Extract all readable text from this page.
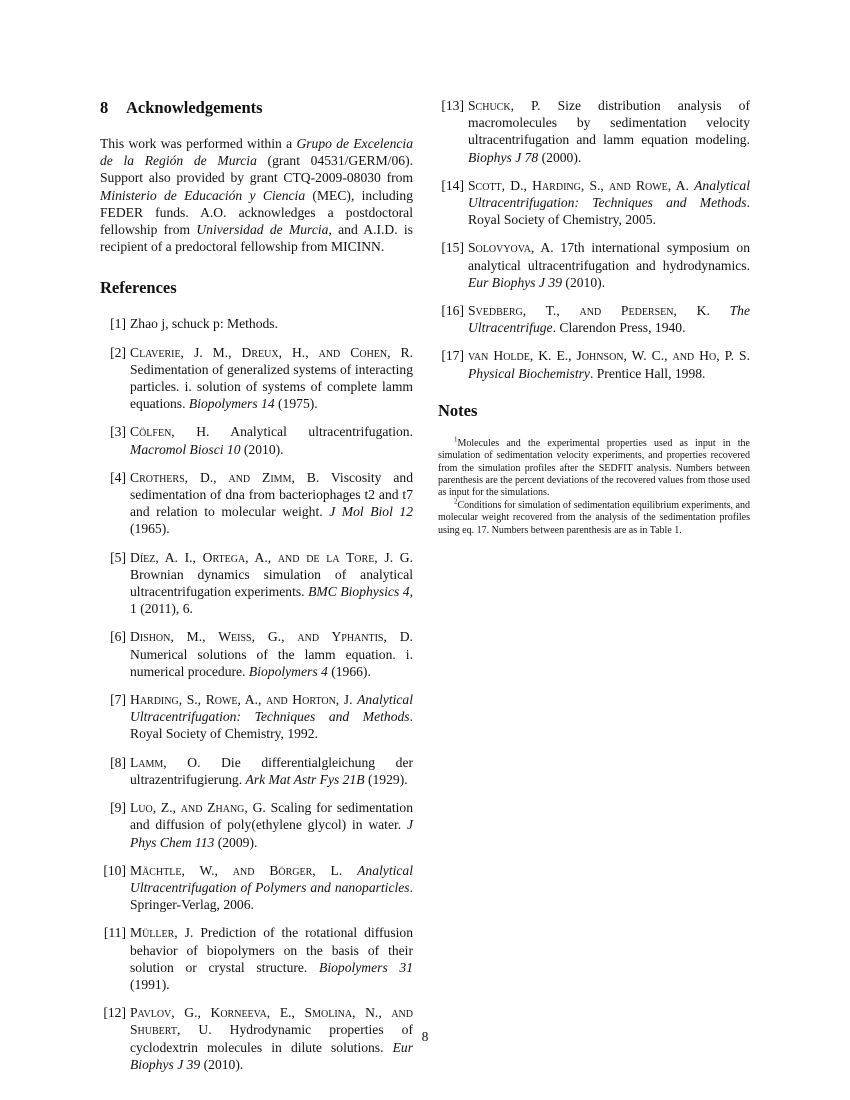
8 Acknowledgements

This work was performed within a Grupo de Excelencia de la Región de Murcia (grant 04531/GERM/06). Support also provided by grant CTQ-2009-08030 from Ministerio de Educación y Ciencia (MEC), including FEDER funds. A.O. acknowledges a postdoctoral fellowship from Universidad de Murcia, and A.I.D. is recipient of a predoctoral fellowship from MICINN.

References
[1] Zhao j, schuck p: Methods.
[2] Claverie, J. M., Dreux, H., and Cohen, R. Sedimentation of generalized systems of interacting particles. i. solution of systems of complete lamm equations. Biopolymers 14 (1975).
[3] Cölfen, H. Analytical ultracentrifugation. Macromol Biosci 10 (2010).
[4] Crothers, D., and Zimm, B. Viscosity and sedimentation of dna from bacteriophages t2 and t7 and relation to molecular weight. J Mol Biol 12 (1965).
[5] Díez, A. I., Ortega, A., and de la Tore, J. G. Brownian dynamics simulation of analytical ultracentrifugation experiments. BMC Biophysics 4, 1 (2011), 6.
[6] Dishon, M., Weiss, G., and Yphantis, D. Numerical solutions of the lamm equation. i. numerical procedure. Biopolymers 4 (1966).
[7] Harding, S., Rowe, A., and Horton, J. Analytical Ultracentrifugation: Techniques and Methods. Royal Society of Chemistry, 1992.
[8] Lamm, O. Die differentialgleichung der ultrazentrifugierung. Ark Mat Astr Fys 21B (1929).
[9] Luo, Z., and Zhang, G. Scaling for sedimentation and diffusion of poly(ethylene glycol) in water. J Phys Chem 113 (2009).
[10] Mächtle, W., and Börger, L. Analytical Ultracentrifugation of Polymers and nanoparticles. Springer-Verlag, 2006.
[11] Müller, J. Prediction of the rotational diffusion behavior of biopolymers on the basis of their solution or crystal structure. Biopolymers 31 (1991).
[12] Pavlov, G., Korneeva, E., Smolina, N., and Shubert, U. Hydrodynamic properties of cyclodextrin molecules in dilute solutions. Eur Biophys J 39 (2010).
[13] Schuck, P. Size distribution analysis of macromolecules by sedimentation velocity ultracentrifugation and lamm equation modeling. Biophys J 78 (2000).
[14] Scott, D., Harding, S., and Rowe, A. Analytical Ultracentrifugation: Techniques and Methods. Royal Society of Chemistry, 2005.
[15] Solovyova, A. 17th international symposium on analytical ultracentrifugation and hydrodynamics. Eur Biophys J 39 (2010).
[16] Svedberg, T., and Pedersen, K. The Ultracentrifuge. Clarendon Press, 1940.
[17] van Holde, K. E., Johnson, W. C., and Ho, P. S. Physical Biochemistry. Prentice Hall, 1998.
Notes

$^1$Molecules and the experimental properties used as input in the simulation of sedimentation velocity experiments, and properties recovered from the simulation profiles after the SEDFIT analysis. Numbers between parenthesis are the percent deviations of the recovered values from those used as input for the simulations.

$^2$Conditions for simulation of sedimentation equilibrium experiments, and molecular weight recovered from the analysis of the sedimentation profiles using eq. 17. Numbers between parenthesis are as in Table 1.

8
